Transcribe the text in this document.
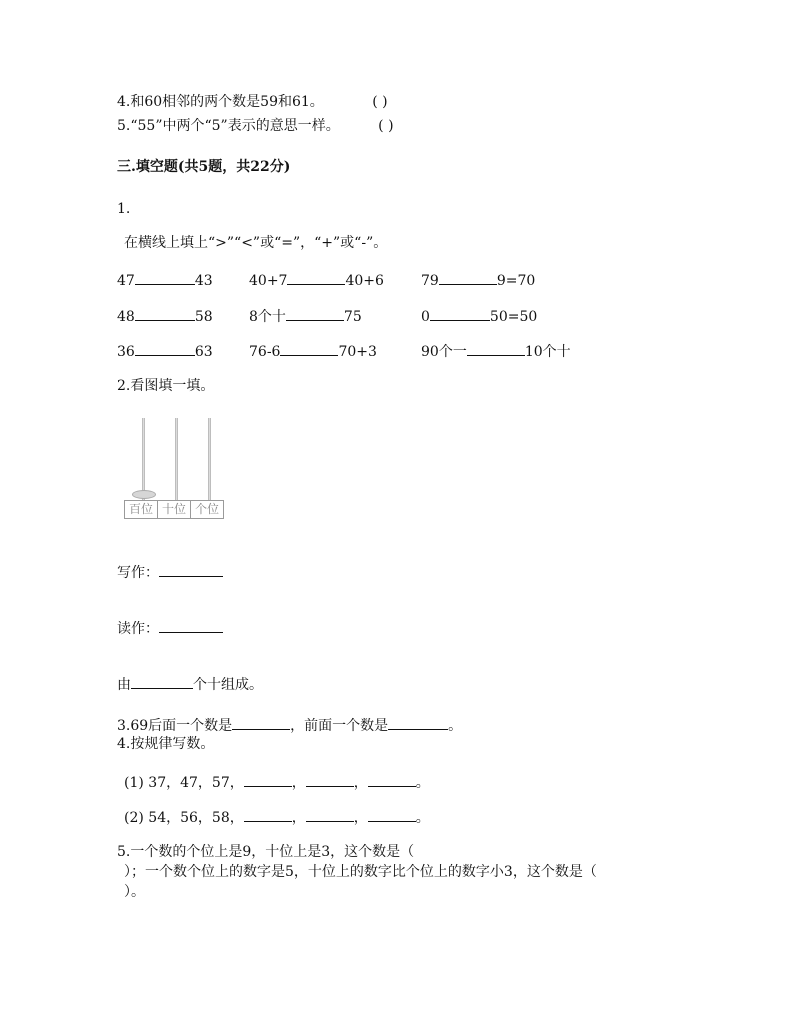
4.和60相邻的两个数是59和61。	( )
5.“55”中两个“5”表示的意思一样。	( )
三.填空题(共5题，共22分)
1.
在横线上填上“>”“<”或“=”，“+”或“-”。
47	43	40+7	40+6	79	9=70
48	58	8个十	75	0	50=50
36	63	76-6	70+3	90个一	10个十
2.看图填一填。
百位 十位 个位
写作：
读作：
由	个十组成。
3.69后面一个数是	，前面一个数是	。
4.按规律写数。
(1) 37，47，57，	，	，	。
(2) 54，56，58，	，	，	。
5.一个数的个位上是9，十位上是3，这个数是（
）；一个数个位上的数字是5，十位上的数字比个位上的数字小3，这个数是（
）。
